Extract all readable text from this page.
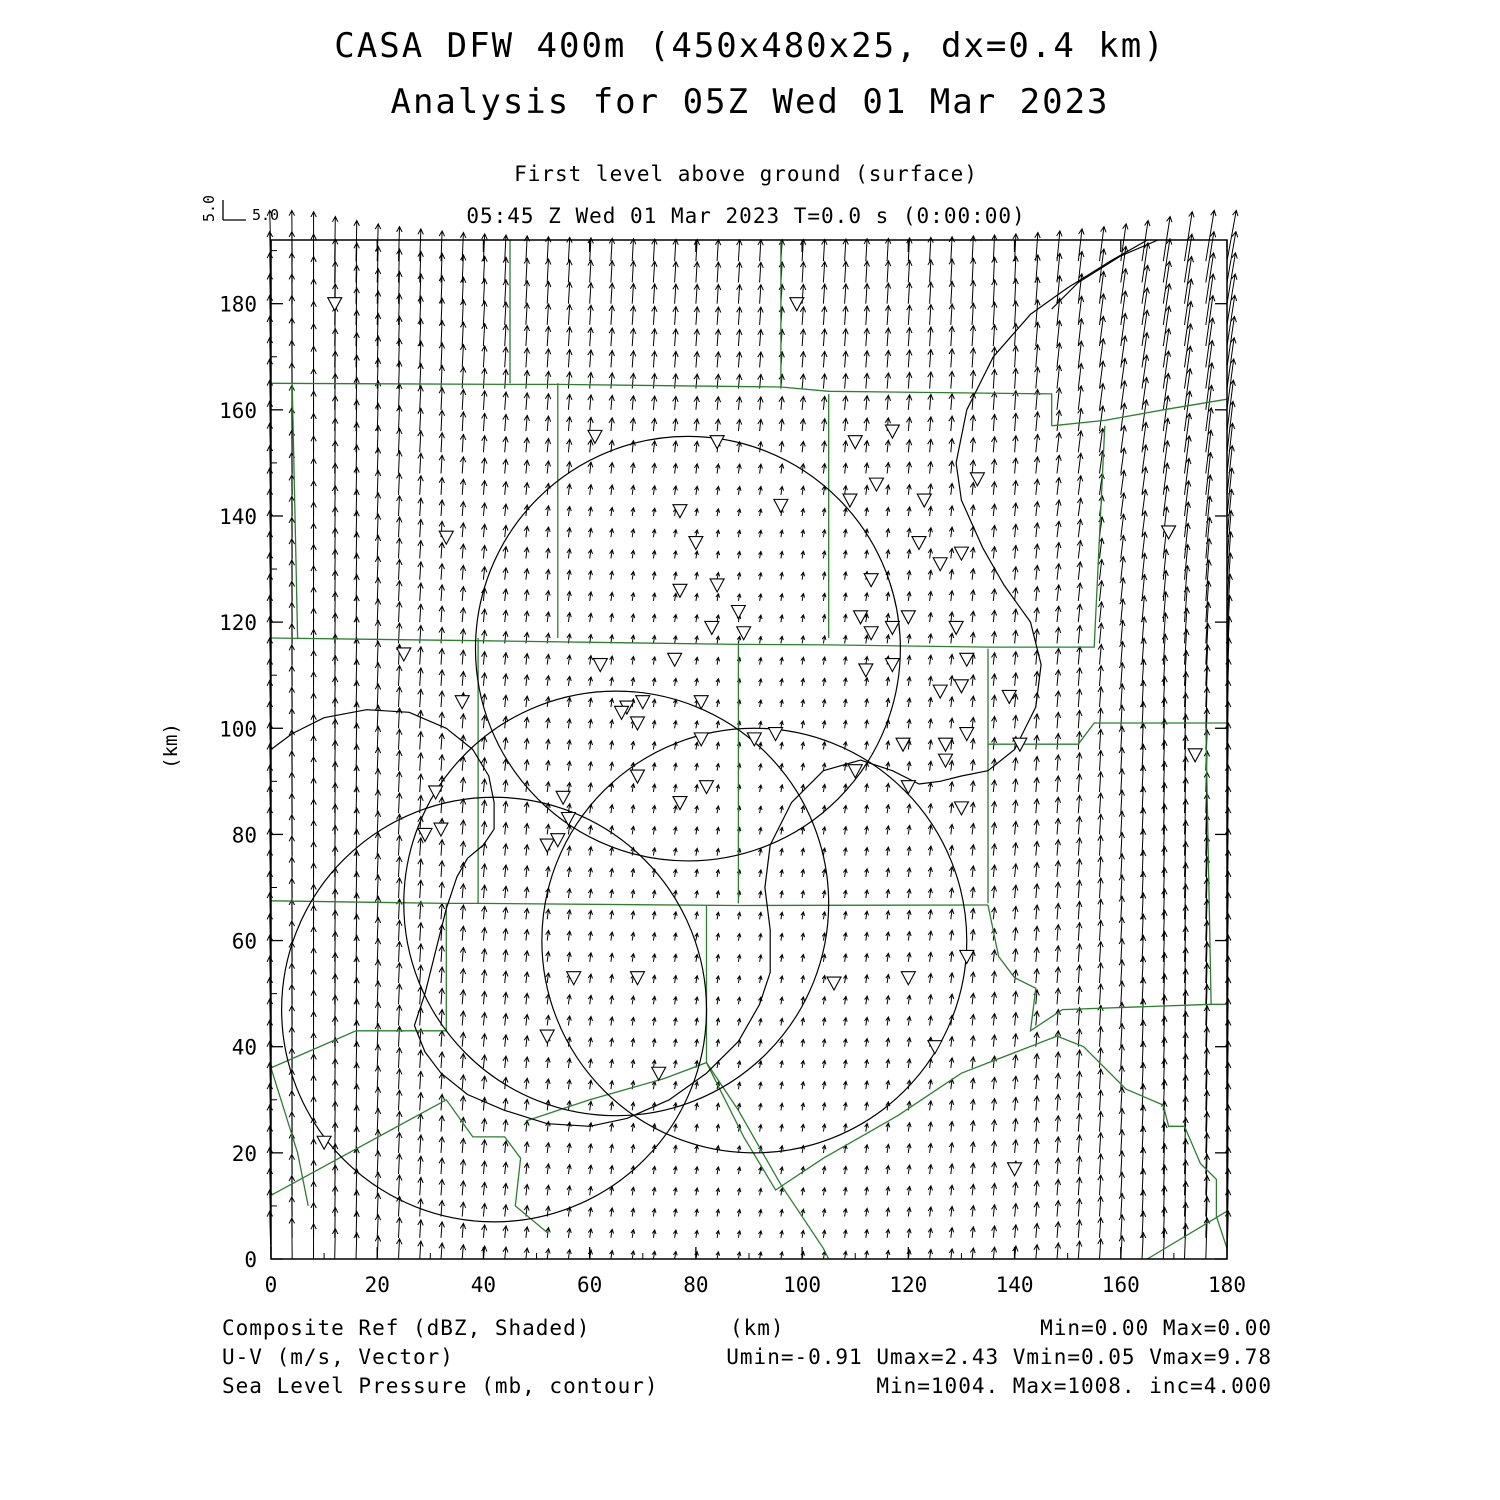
CASA DFW 400m (450x480x25, dx=0.4 km)
Analysis for 05Z Wed 01 Mar 2023
First level above ground (surface)
05:45 Z Wed 01 Mar 2023 T=0.0 s (0:00:00)
5.0
5.0
0	20	40	60	80	100	120	140	160	180
0
20
40
60
80
100
120
140
160
180
(km)
Composite Ref (dBZ, Shaded)
U-V (m/s, Vector)
Sea Level Pressure (mb, contour)
(km)	Min=0.00 Max=0.00
Umin=-0.91 Umax=2.43 Vmin=0.05 Vmax=9.78
Min=1004. Max=1008. inc=4.000
